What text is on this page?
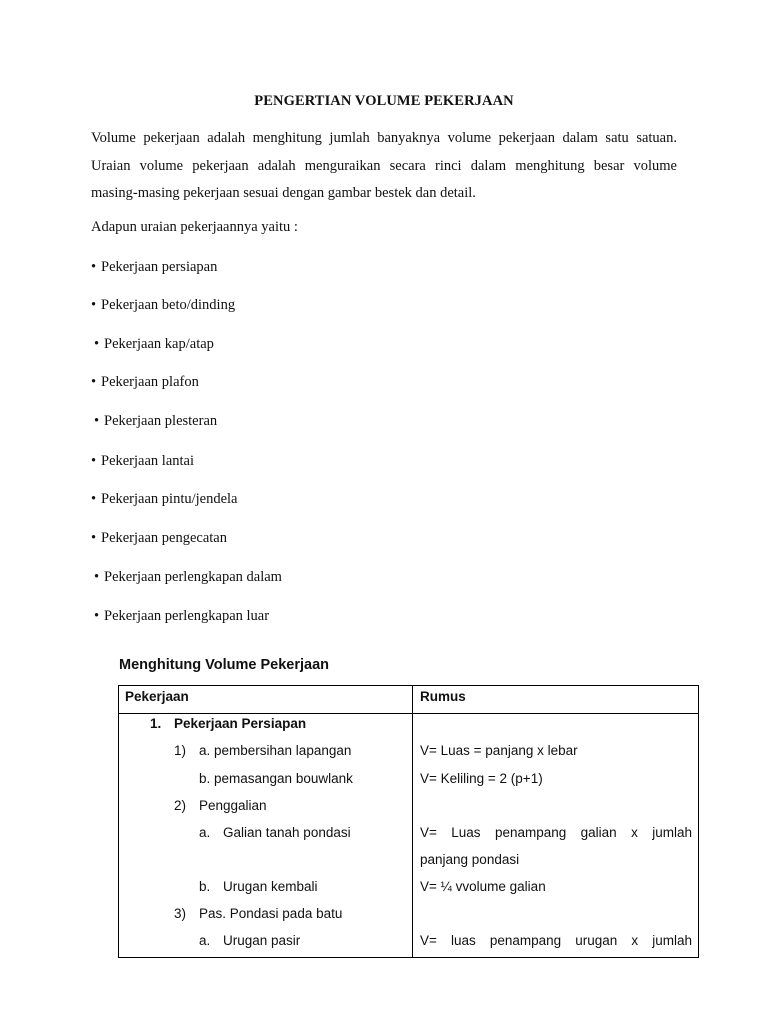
PENGERTIAN VOLUME PEKERJAAN
Volume pekerjaan adalah menghitung jumlah banyaknya volume pekerjaan dalam satu satuan.
Uraian volume pekerjaan adalah menguraikan secara rinci dalam menghitung besar volume
masing-masing pekerjaan sesuai dengan gambar bestek dan detail.
Adapun uraian pekerjaannya yaitu :
• Pekerjaan persiapan
• Pekerjaan beto/dinding
• Pekerjaan kap/atap
• Pekerjaan plafon
• Pekerjaan plesteran
• Pekerjaan lantai
• Pekerjaan pintu/jendela
• Pekerjaan pengecatan
• Pekerjaan perlengkapan dalam
• Pekerjaan perlengkapan luar
Menghitung Volume Pekerjaan
Pekerjaan	Rumus
1. Pekerjaan Persiapan
1) a. pembersihan lapangan	V= Luas = panjang x lebar
b. pemasangan bouwlank	V= Keliling = 2 (p+1)
2) Penggalian
a. Galian tanah pondasi	V= Luas penampang galian x jumlah
panjang pondasi
b. Urugan kembali	V= ¼ vvolume galian
3) Pas. Pondasi pada batu
a. Urugan pasir	V= luas penampang urugan x jumlah
